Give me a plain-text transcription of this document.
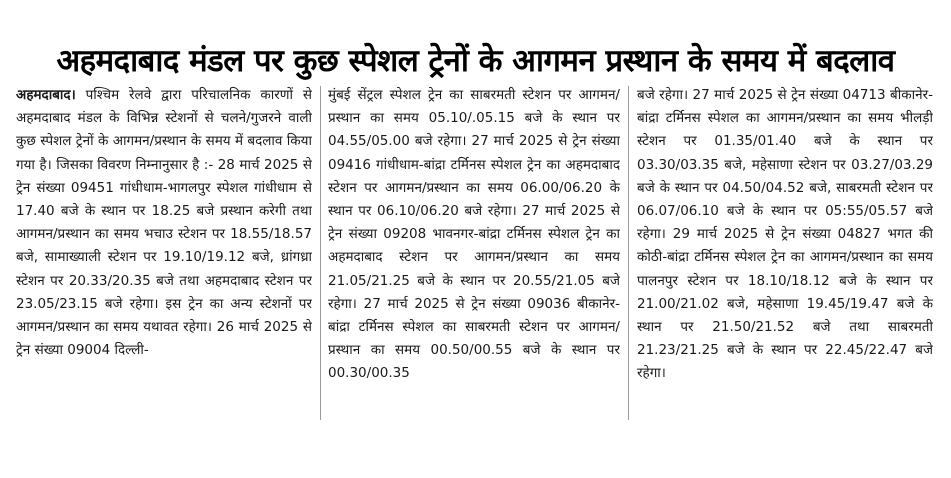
अहमदाबाद मंडल पर कुछ स्पेशल ट्रेनों के आगमन प्रस्थान के समय में बदलाव
अहमदाबाद। पश्चिम रेलवे द्वारा परिचालनिक कारणों से अहमदाबाद मंडल के विभिन्न स्टेशनों से चलने/गुजरने वाली कुछ स्पेशल ट्रेनों के आगमन/प्रस्थान के समय में बदलाव किया गया है। जिसका विवरण निम्नानुसार है :- 28 मार्च 2025 से ट्रेन संख्या 09451 गांधीधाम-भागलपुर स्पेशल गांधीधाम से 17.40 बजे के स्थान पर 18.25 बजे प्रस्थान करेगी तथा आगमन/प्रस्थान का समय भचाउ स्टेशन पर 18.55/18.57 बजे, सामाख्याली स्टेशन पर 19.10/19.12 बजे, ध्रांगध्रा स्टेशन पर 20.33/20.35 बजे तथा अहमदाबाद स्टेशन पर 23.05/23.15 बजे रहेगा। इस ट्रेन का अन्य स्टेशनों पर आगमन/प्रस्थान का समय यथावत रहेगा। 26 मार्च 2025 से ट्रेन संख्या 09004 दिल्ली-
मुंबई सेंट्रल स्पेशल ट्रेन का साबरमती स्टेशन पर आगमन/प्रस्थान का समय 05.10/.05.15 बजे के स्थान पर 04.55/05.00 बजे रहेगा। 27 मार्च 2025 से ट्रेन संख्या 09416 गांधीधाम-बांद्रा टर्मिनस स्पेशल ट्रेन का अहमदाबाद स्टेशन पर आगमन/प्रस्थान का समय 06.00/06.20 के स्थान पर 06.10/06.20 बजे रहेगा। 27 मार्च 2025 से ट्रेन संख्या 09208 भावनगर-बांद्रा टर्मिनस स्पेशल ट्रेन का अहमदाबाद स्टेशन पर आगमन/प्रस्थान का समय 21.05/21.25 बजे के स्थान पर 20.55/21.05 बजे रहेगा। 27 मार्च 2025 से ट्रेन संख्या 09036 बीकानेर-बांद्रा टर्मिनस स्पेशल का साबरमती स्टेशन पर आगमन/प्रस्थान का समय 00.50/00.55 बजे के स्थान पर 00.30/00.35
बजे रहेगा। 27 मार्च 2025 से ट्रेन संख्या 04713 बीकानेर-बांद्रा टर्मिनस स्पेशल का आगमन/प्रस्थान का समय भीलड़ी स्टेशन पर 01.35/01.40 बजे के स्थान पर 03.30/03.35 बजे, महेसाणा स्टेशन पर 03.27/03.29 बजे के स्थान पर 04.50/04.52 बजे, साबरमती स्टेशन पर 06.07/06.10 बजे के स्थान पर 05:55/05.57 बजे रहेगा। 29 मार्च 2025 से ट्रेन संख्या 04827 भगत की कोठी-बांद्रा टर्मिनस स्पेशल ट्रेन का आगमन/प्रस्थान का समय पालनपुर स्टेशन पर 18.10/18.12 बजे के स्थान पर 21.00/21.02 बजे, महेसाणा 19.45/19.47 बजे के स्थान पर 21.50/21.52 बजे तथा साबरमती 21.23/21.25 बजे के स्थान पर 22.45/22.47 बजे रहेगा।
